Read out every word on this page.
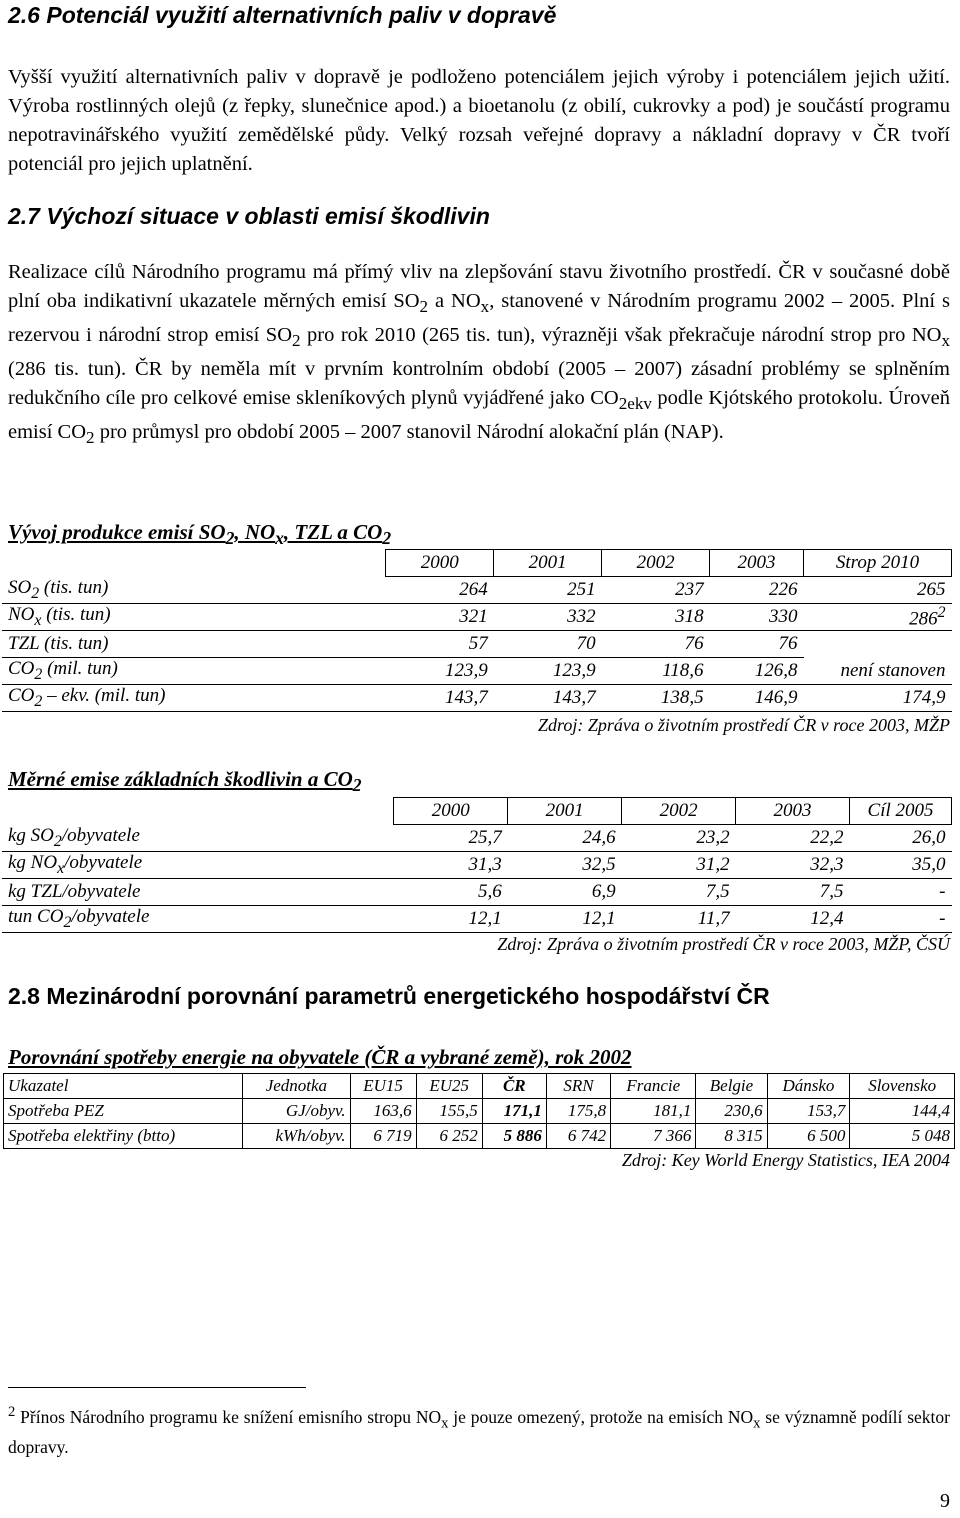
2.6 Potenciál využití alternativních paliv v dopravě

Vyšší využití alternativních paliv v dopravě je podloženo potenciálem jejich výroby i potenciálem jejich užití. Výroba rostlinných olejů (z řepky, slunečnice apod.) a bioetanolu (z obilí, cukrovky a pod) je součástí programu nepotravinářského využití zemědělské půdy. Velký rozsah veřejné dopravy a nákladní dopravy v ČR tvoří potenciál pro jejich uplatnění.

2.7 Výchozí situace v oblasti emisí škodlivin

Realizace cílů Národního programu má přímý vliv na zlepšování stavu životního prostředí. ČR v současné době plní oba indikativní ukazatele měrných emisí $SO_2$ a $NO_x$, stanovené v Národním programu 2002 – 2005. Plní s rezervou i národní strop emisí $SO_2$ pro rok 2010 (265 tis. tun), výrazněji však překračuje národní strop pro $NO_x$ (286 tis. tun). ČR by neměla mít v prvním kontrolním období (2005 – 2007) zásadní problémy se splněním redukčního cíle pro celkové emise skleníkových plynů vyjádřené jako $CO_{2ekv}$ podle Kjótského protokolu. Úroveň emisí $CO_2$ pro průmysl pro období 2005 – 2007 stanovil Národní alokační plán (NAP).

Vývoj produkce emisí $SO_2$, $NO_x$, TZL a $CO_2$
	2000	2001	2002	2003	Strop 2010
$SO_2$ (tis. tun)	264	251	237	226	265
$NO_x$ (tis. tun)	321	332	318	330	$286^2$
TZL (tis. tun)	57	70	76	76	
$CO_2$ (mil. tun)	123,9	123,9	118,6	126,8	není stanoven
$CO_2$ – ekv. (mil. tun)	143,7	143,7	138,5	146,9	174,9
Zdroj: Zpráva o životním prostředí ČR v roce 2003, MŽP
Měrné emise základních škodlivin a $CO_2$
	2000	2001	2002	2003	Cíl 2005
kg $SO_2$/obyvatele	25,7	24,6	23,2	22,2	26,0
kg $NO_x$/obyvatele	31,3	32,5	31,2	32,3	35,0
kg TZL/obyvatele	5,6	6,9	7,5	7,5	-
tun $CO_2$/obyvatele	12,1	12,1	11,7	12,4	-
Zdroj: Zpráva o životním prostředí ČR v roce 2003, MŽP, ČSÚ
2.8 Mezinárodní porovnání parametrů energetického hospodářství ČR
Porovnání spotřeby energie na obyvatele (ČR a vybrané země), rok 2002
Ukazatel	Jednotka	EU15	EU25	ČR	SRN	Francie	Belgie	Dánsko	Slovensko
Spotřeba PEZ	GJ/obyv.	163,6	155,5	171,1	175,8	181,1	230,6	153,7	144,4
Spotřeba elektřiny (btto)	kWh/obyv.	6 719	6 252	5 886	6 742	7 366	8 315	6 500	5 048
Zdroj: Key World Energy Statistics, IEA 2004

$^2$ Přínos Národního programu ke snížení emisního stropu $NO_x$ je pouze omezený, protože na emisích $NO_x$ se významně podílí sektor dopravy.

9
